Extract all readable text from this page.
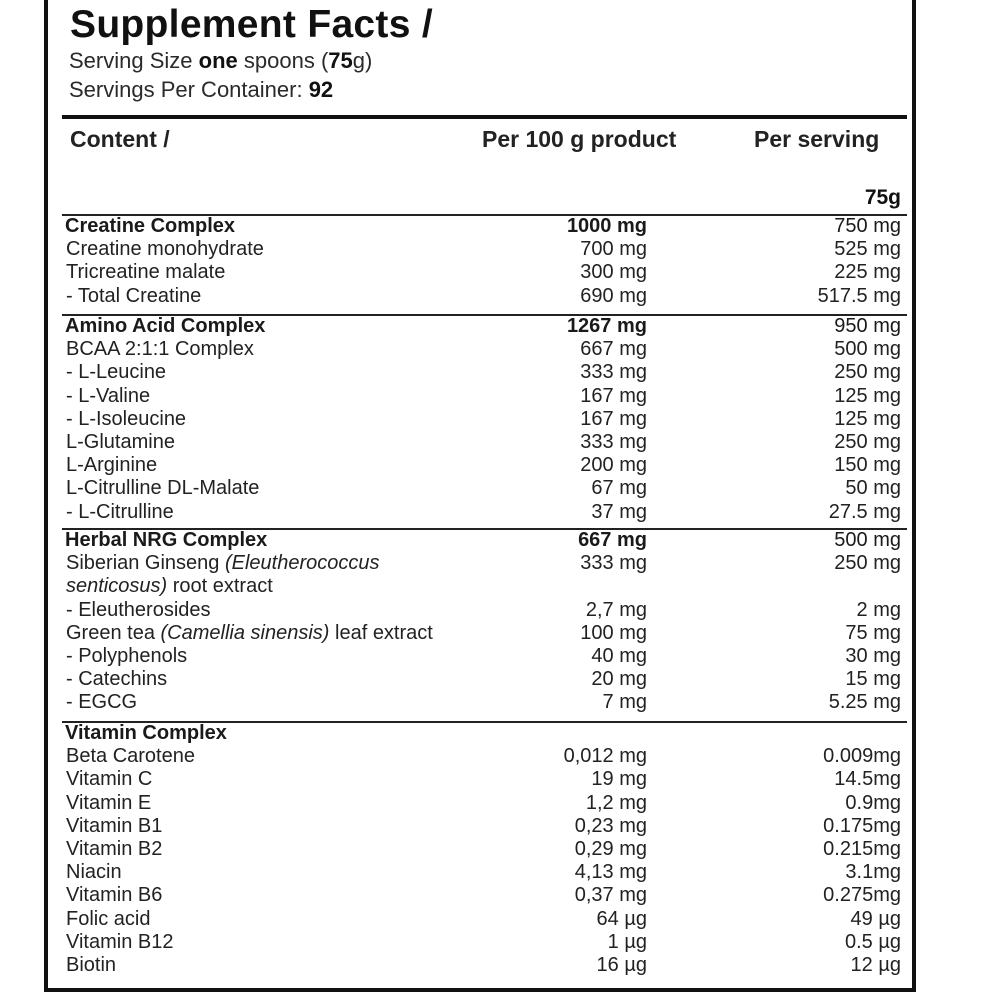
Supplement Facts /
Serving Size one spoons (75g)
Servings Per Container: 92
Content /	Per 100 g product	Per serving
75g
Creatine Complex	1000 mg	750 mg
Creatine monohydrate	700 mg	525 mg
Tricreatine malate	300 mg	225 mg
- Total Creatine	690 mg	517.5 mg
Amino Acid Complex	1267 mg	950 mg
BCAA 2:1:1 Complex	667 mg	500 mg
- L-Leucine	333 mg	250 mg
- L-Valine	167 mg	125 mg
- L-Isoleucine	167 mg	125 mg
L-Glutamine	333 mg	250 mg
L-Arginine	200 mg	150 mg
L-Citrulline DL-Malate	67 mg	50 mg
- L-Citrulline	37 mg	27.5 mg
Herbal NRG Complex	667 mg	500 mg
Siberian Ginseng (Eleutherococcus	333 mg	250 mg
senticosus) root extract
- Eleutherosides	2,7 mg	2 mg
Green tea (Camellia sinensis) leaf extract	100 mg	75 mg
- Polyphenols	40 mg	30 mg
- Catechins	20 mg	15 mg
- EGCG	7 mg	5.25 mg
Vitamin Complex
Beta Carotene	0,012 mg	0.009mg
Vitamin C	19 mg	14.5mg
Vitamin E	1,2 mg	0.9mg
Vitamin B1	0,23 mg	0.175mg
Vitamin B2	0,29 mg	0.215mg
Niacin	4,13 mg	3.1mg
Vitamin B6	0,37 mg	0.275mg
Folic acid	64 µg	49 µg
Vitamin B12	1 µg	0.5 µg
Biotin	16 µg	12 µg
